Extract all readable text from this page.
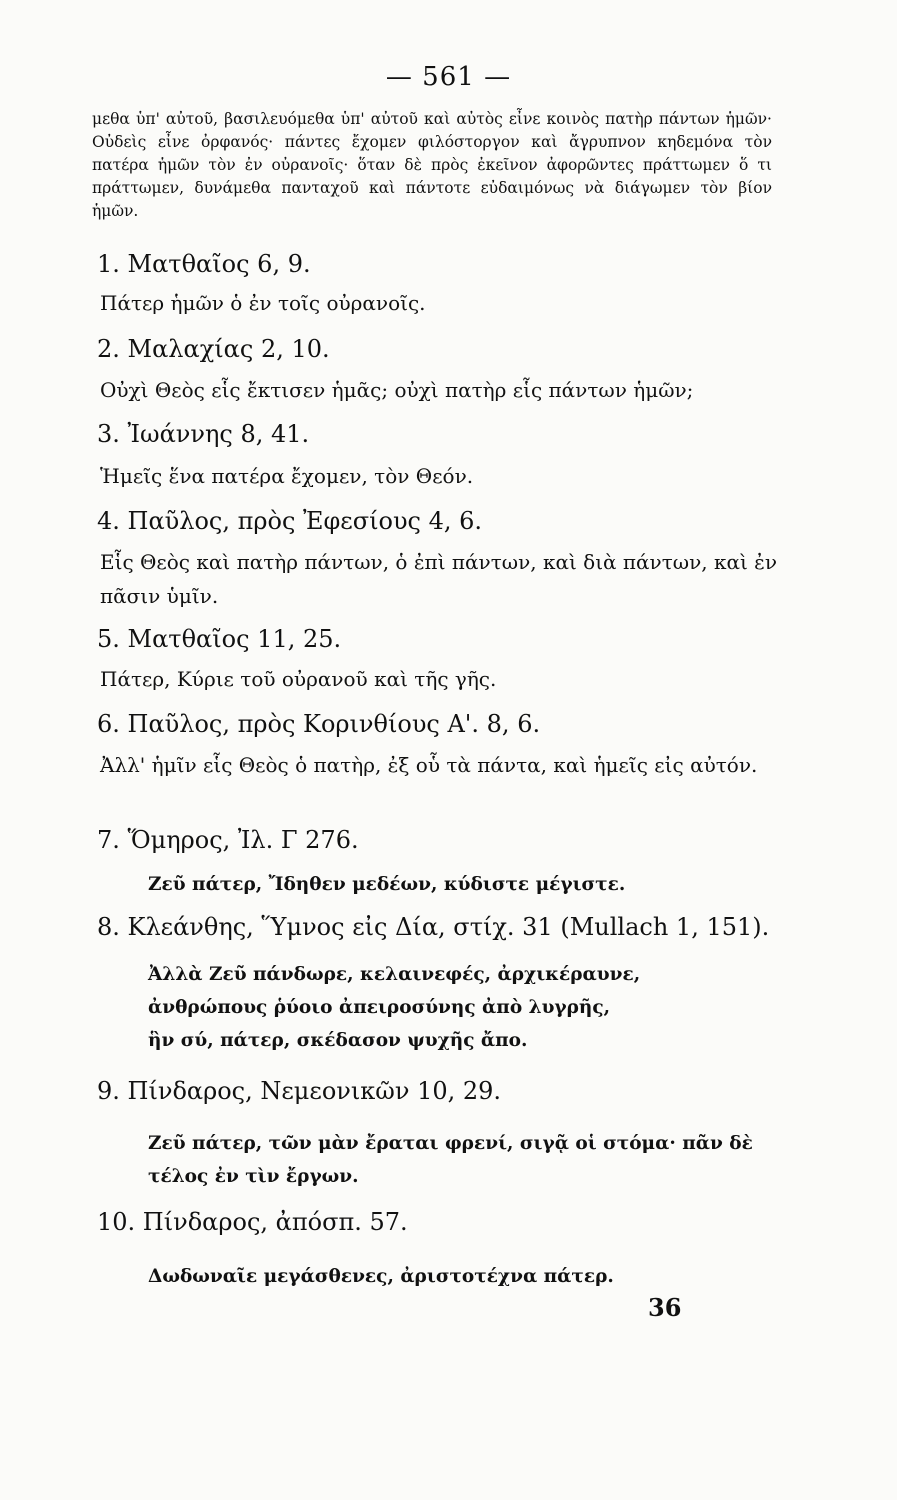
— 561 —

μεθα ὑπ' αὐτοῦ, βασιλευόμεθα ὑπ' αὐτοῦ καὶ αὐτὸς εἶνε κοινὸς πατὴρ πάντων ἡμῶν· Οὐδεὶς εἶνε ὀρφανός· πάντες ἔχομεν φιλόστοργον καὶ ἄγρυπνον κηδεμόνα τὸν πατέρα ἡμῶν τὸν ἐν οὐρανοῖς· ὅταν δὲ πρὸς ἐκεῖνον ἀφορῶντες πράττωμεν ὅ τι πράττωμεν, δυνάμεθα πανταχοῦ καὶ πάντοτε εὐδαιμόνως νὰ διάγωμεν τὸν βίον ἡμῶν.

1. Ματθαῖος 6, 9.
Πάτερ ἡμῶν ὁ ἐν τοῖς οὐρανοῖς.
2. Μαλαχίας 2, 10.
Οὐχὶ Θεὸς εἷς ἔκτισεν ἡμᾶς; οὐχὶ πατὴρ εἷς πάντων ἡμῶν;
3. Ἰωάννης 8, 41.
Ἡμεῖς ἕνα πατέρα ἔχομεν, τὸν Θεόν.
4. Παῦλος, πρὸς Ἐφεσίους 4, 6.
Εἷς Θεὸς καὶ πατὴρ πάντων, ὁ ἐπὶ πάντων, καὶ διὰ πάντων, καὶ ἐν πᾶσιν ὑμῖν.
5. Ματθαῖος 11, 25.
Πάτερ, Κύριε τοῦ οὐρανοῦ καὶ τῆς γῆς.
6. Παῦλος, πρὸς Κορινθίους Α'. 8, 6.
Ἀλλ' ἡμῖν εἷς Θεὸς ὁ πατὴρ, ἐξ οὗ τὰ πάντα, καὶ ἡμεῖς εἰς αὐτόν.
7. Ὅμηρος, Ἰλ. Γ 276.
Ζεῦ πάτερ, Ἴδηθεν μεδέων, κύδιστε μέγιστε.
8. Κλεάνθης, Ὕμνος εἰς Δία, στίχ. 31 (Mullach 1, 151).
Ἀλλὰ Ζεῦ πάνδωρε, κελαινεφές, ἀρχικέραυνε,
ἀνθρώπους ῥύοιο ἀπειροσύνης ἀπὸ λυγρῆς,
ἣν σύ, πάτερ, σκέδασον ψυχῆς ἄπο.
9. Πίνδαρος, Νεμεονικῶν 10, 29.
Ζεῦ πάτερ, τῶν μὰν ἔραται φρενί, σιγᾷ οἱ στόμα· πᾶν δὲ τέλος ἐν τὶν ἔργων.
10. Πίνδαρος, ἀπόσπ. 57.
Δωδωναῖε μεγάσθενες, ἀριστοτέχνα πάτερ.
36
